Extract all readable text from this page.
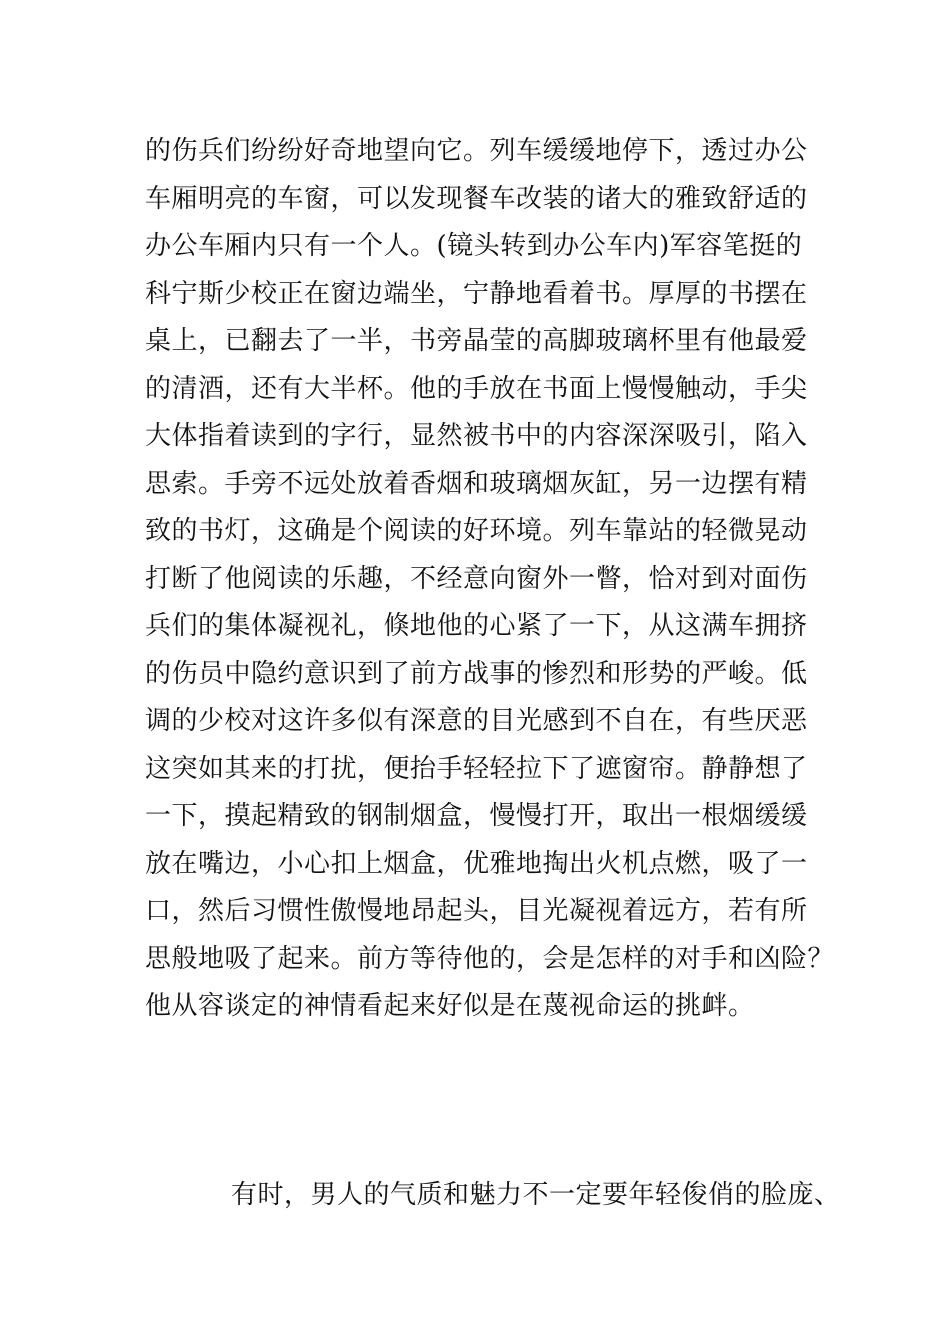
的伤兵们纷纷好奇地望向它。列车缓缓地停下，透过办公
车厢明亮的车窗，可以发现餐车改装的诸大的雅致舒适的
办公车厢内只有一个人。(镜头转到办公车内)军容笔挺的
科宁斯少校正在窗边端坐，宁静地看着书。厚厚的书摆在
桌上，已翻去了一半，书旁晶莹的高脚玻璃杯里有他最爱
的清酒，还有大半杯。他的手放在书面上慢慢触动，手尖
大体指着读到的字行，显然被书中的内容深深吸引，陷入
思索。手旁不远处放着香烟和玻璃烟灰缸，另一边摆有精
致的书灯，这确是个阅读的好环境。列车靠站的轻微晃动
打断了他阅读的乐趣，不经意向窗外一瞥，恰对到对面伤
兵们的集体凝视礼，倏地他的心紧了一下，从这满车拥挤
的伤员中隐约意识到了前方战事的惨烈和形势的严峻。低
调的少校对这许多似有深意的目光感到不自在，有些厌恶
这突如其来的打扰，便抬手轻轻拉下了遮窗帘。静静想了
一下，摸起精致的钢制烟盒，慢慢打开，取出一根烟缓缓
放在嘴边，小心扣上烟盒，优雅地掏出火机点燃，吸了一
口，然后习惯性傲慢地昂起头，目光凝视着远方，若有所
思般地吸了起来。前方等待他的，会是怎样的对手和凶险？
他从容谈定的神情看起来好似是在蔑视命运的挑衅。
有时，男人的气质和魅力不一定要年轻俊俏的脸庞、
